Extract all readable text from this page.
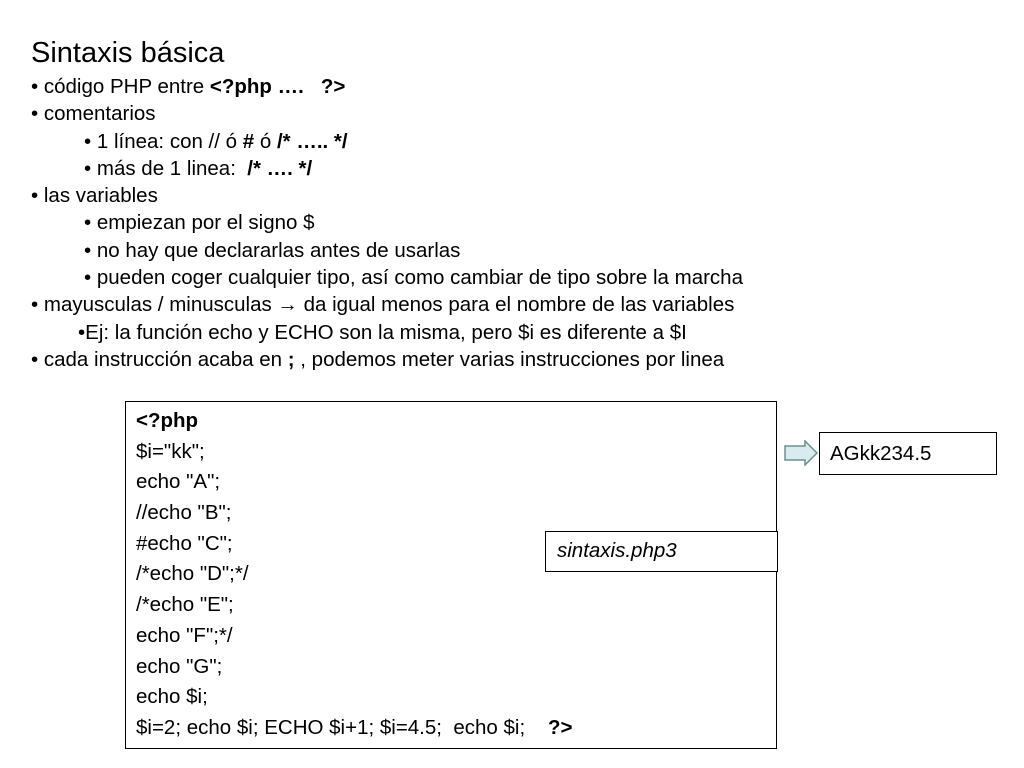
Sintaxis básica
• código PHP entre <?php ….   ?>
• comentarios
• 1 línea: con // ó # ó /* ….. */
• más de 1 linea:  /* …. */
• las variables
• empiezan por el signo $
• no hay que declararlas antes de usarlas
• pueden coger cualquier tipo, así como cambiar de tipo sobre la marcha
• mayusculas / minusculas → da igual menos para el nombre de las variables
•Ej: la función echo y ECHO son la misma, pero $i es diferente a $I
• cada instrucción acaba en ; , podemos meter varias instrucciones por linea
<?php
$i="kk";
echo "A";
//echo "B";
#echo "C";
/*echo "D";*/
/*echo "E";
echo "F";*/
echo "G";
echo $i;
$i=2; echo $i; ECHO $i+1; $i=4.5;  echo $i;    ?>
sintaxis.php3
AGkk234.5
